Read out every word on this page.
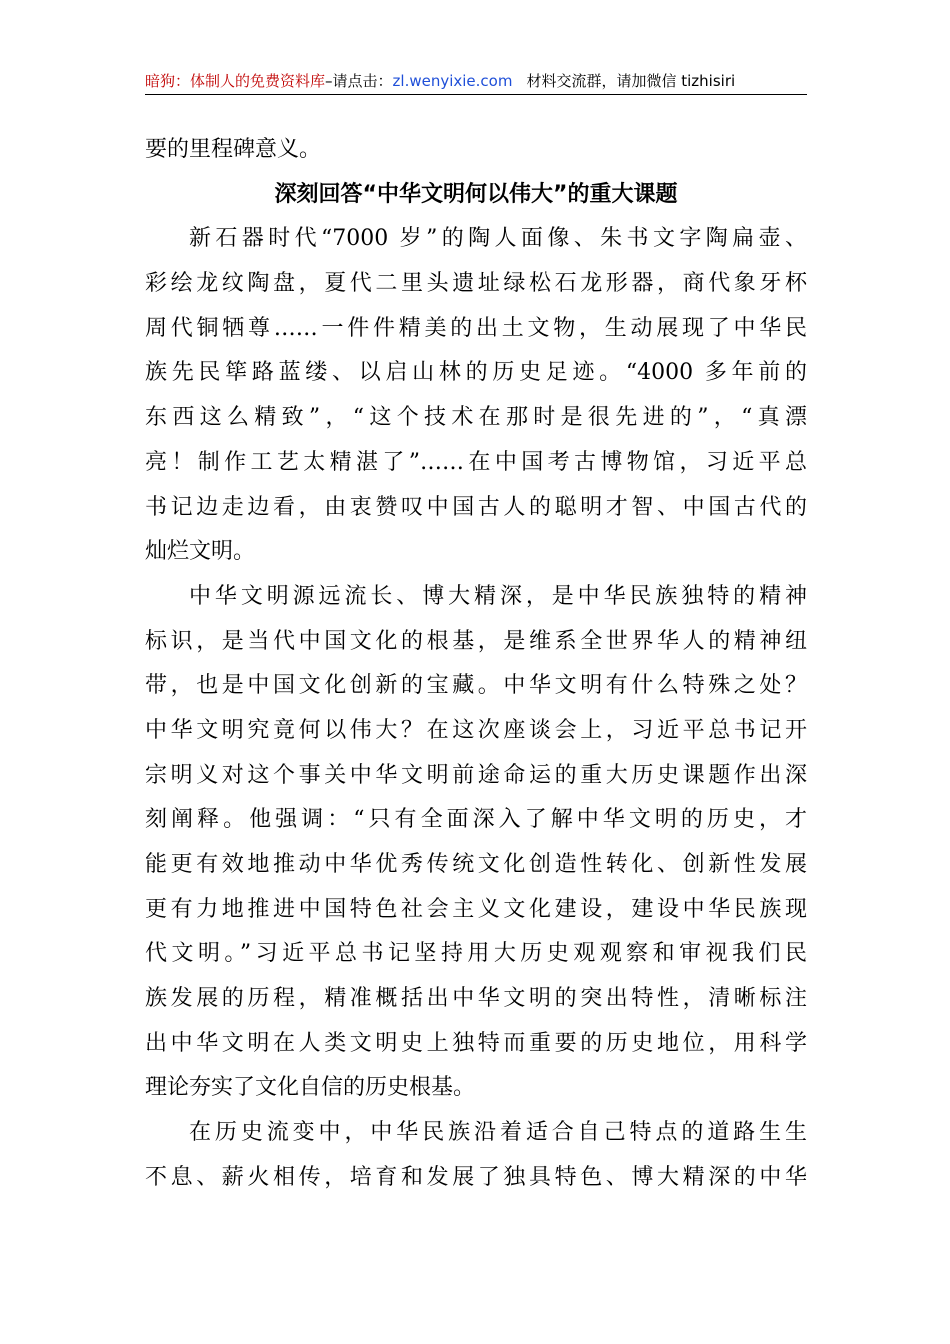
暗狗：体制人的免费资料库–请点击：zl.wenyixie.com 材料交流群，请加微信 tizhisiri
要的里程碑意义。
深刻回答“中华文明何以伟大”的重大课题
新石器时代“7000 岁”的陶人面像、朱书文字陶扁壶、
彩绘龙纹陶盘，夏代二里头遗址绿松石龙形器，商代象牙杯
周代铜牺尊……一件件精美的出土文物，生动展现了中华民
族先民筚路蓝缕、以启山林的历史足迹。“4000 多年前的
东西这么精致”，“这个技术在那时是很先进的”，“真漂
亮！制作工艺太精湛了”……在中国考古博物馆，习近平总
书记边走边看，由衷赞叹中国古人的聪明才智、中国古代的
灿烂文明。
中华文明源远流长、博大精深，是中华民族独特的精神
标识，是当代中国文化的根基，是维系全世界华人的精神纽
带，也是中国文化创新的宝藏。中华文明有什么特殊之处？
中华文明究竟何以伟大？在这次座谈会上，习近平总书记开
宗明义对这个事关中华文明前途命运的重大历史课题作出深
刻阐释。他强调：“只有全面深入了解中华文明的历史，才
能更有效地推动中华优秀传统文化创造性转化、创新性发展
更有力地推进中国特色社会主义文化建设，建设中华民族现
代文明。”习近平总书记坚持用大历史观观察和审视我们民
族发展的历程，精准概括出中华文明的突出特性，清晰标注
出中华文明在人类文明史上独特而重要的历史地位，用科学
理论夯实了文化自信的历史根基。
在历史流变中，中华民族沿着适合自己特点的道路生生
不息、薪火相传，培育和发展了独具特色、博大精深的中华
